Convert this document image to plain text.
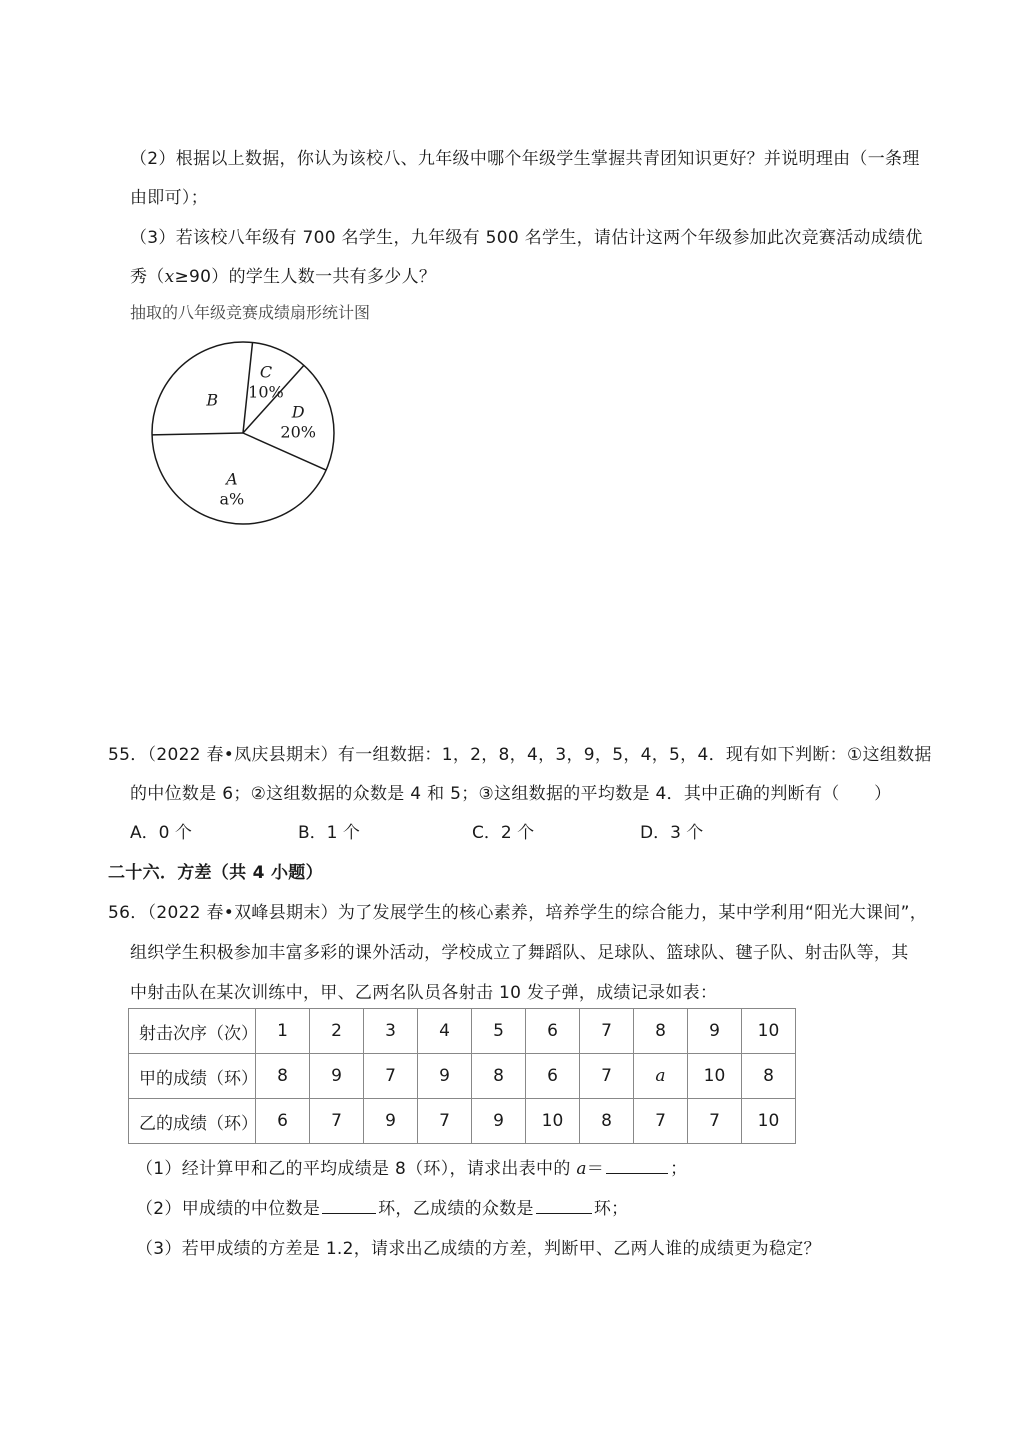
（2）根据以上数据，你认为该校八、九年级中哪个年级学生掌握共青团知识更好？并说明理由（一条理
由即可）；
（3）若该校八年级有 700 名学生，九年级有 500 名学生，请估计这两个年级参加此次竞赛活动成绩优
秀（x≥90）的学生人数一共有多少人？
抽取的八年级竞赛成绩扇形统计图
C
10%
D
20%
A
a%
B
55．（2022 春•凤庆县期末）有一组数据：1，2，8，4，3，9，5，4，5，4．现有如下判断：①这组数据
的中位数是 6；②这组数据的众数是 4 和 5；③这组数据的平均数是 4．其中正确的判断有（　　）
A．0 个	B．1 个	C．2 个	D．3 个
二十六．方差（共 4 小题）
56．（2022 春•双峰县期末）为了发展学生的核心素养，培养学生的综合能力，某中学利用“阳光大课间”，
组织学生积极参加丰富多彩的课外活动，学校成立了舞蹈队、足球队、篮球队、毽子队、射击队等，其
中射击队在某次训练中，甲、乙两名队员各射击 10 发子弹，成绩记录如表：
射击次序（次）	1	2	3	4	5	6	7	8	9	10
甲的成绩（环）	8	9	7	9	8	6	7	a	10	8
乙的成绩（环）	6	7	9	7	9	10	8	7	7	10
（1）经计算甲和乙的平均成绩是 8（环），请求出表中的 a＝	；
（2）甲成绩的中位数是	环，乙成绩的众数是	环；
（3）若甲成绩的方差是 1.2，请求出乙成绩的方差，判断甲、乙两人谁的成绩更为稳定？
